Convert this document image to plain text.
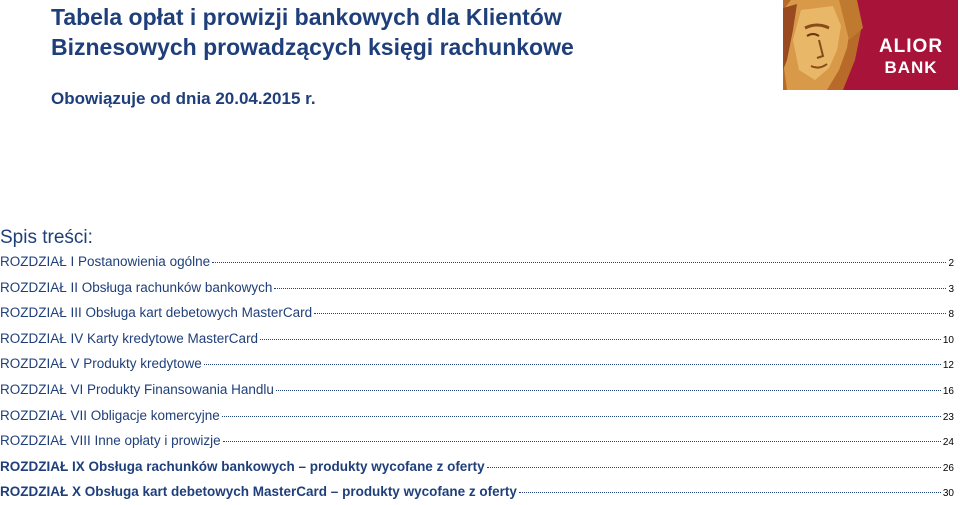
Tabela opłat i prowizji bankowych dla Klientów
Biznesowych prowadzących księgi rachunkowe
Obowiązuje od dnia 20.04.2015 r.
ALIOR
BANK
Spis treści:
ROZDZIAŁ I Postanowienia ogólne	2
ROZDZIAŁ II Obsługa rachunków bankowych	3
ROZDZIAŁ III Obsługa kart debetowych MasterCard	8
ROZDZIAŁ IV Karty kredytowe MasterCard	10
ROZDZIAŁ V Produkty kredytowe	12
ROZDZIAŁ VI Produkty Finansowania Handlu	16
ROZDZIAŁ VII Obligacje komercyjne	23
ROZDZIAŁ VIII Inne opłaty i prowizje	24
ROZDZIAŁ IX Obsługa rachunków bankowych – produkty wycofane z oferty	26
ROZDZIAŁ X Obsługa kart debetowych MasterCard – produkty wycofane z oferty	30
